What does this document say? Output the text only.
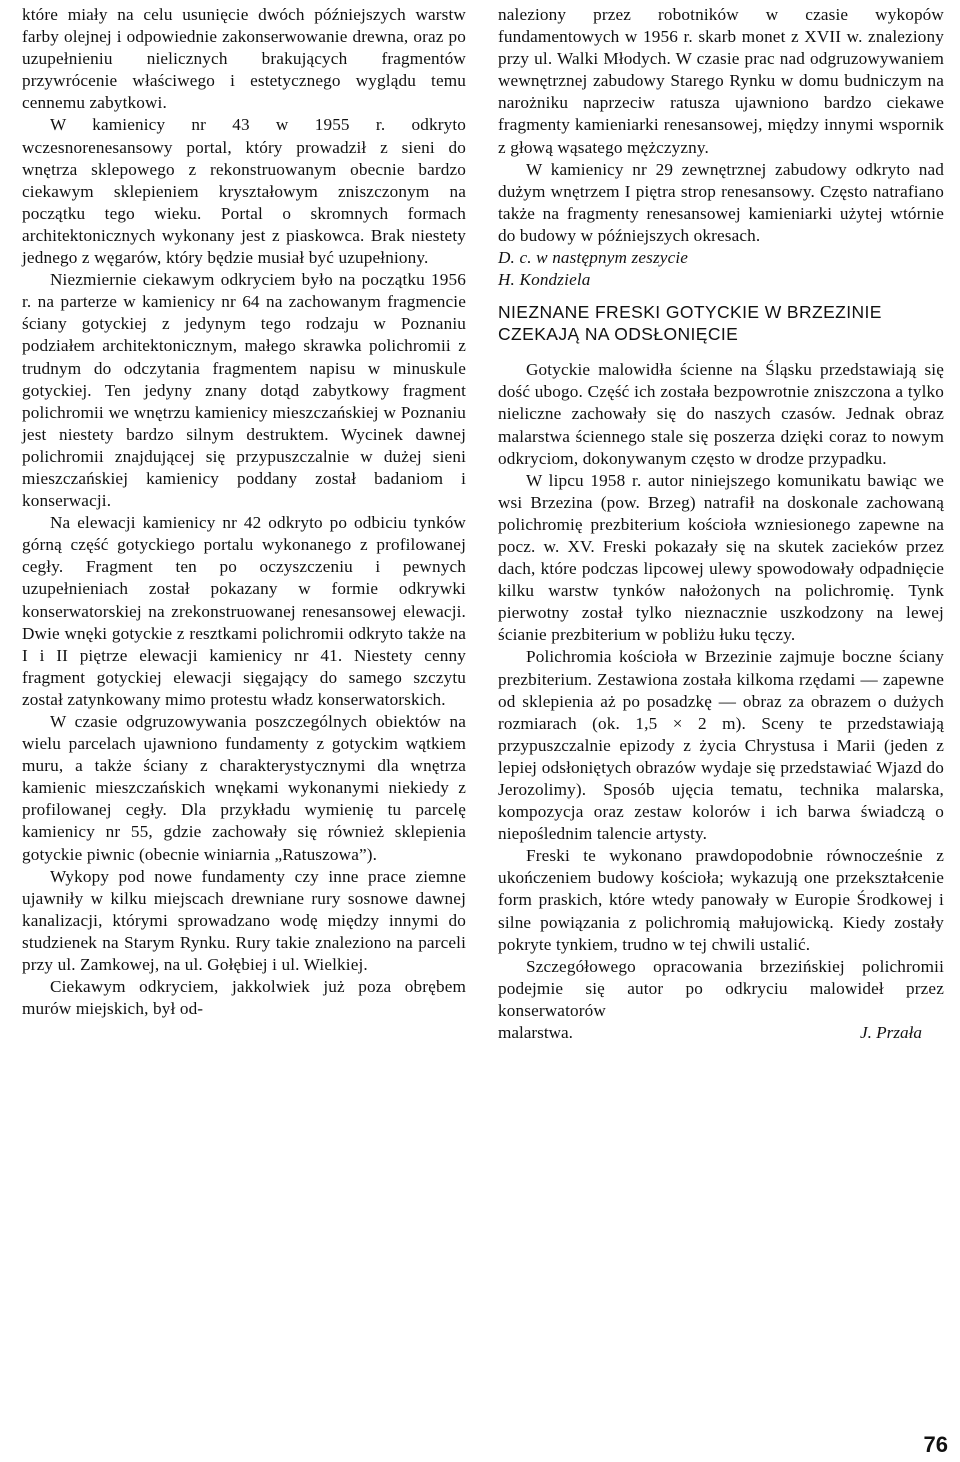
które miały na celu usunięcie dwóch późniejszych warstw farby olejnej i odpowiednie zakonserwowanie drewna, oraz po uzupełnieniu nielicznych brakujących fragmentów przywrócenie właściwego i estetycznego wyglądu temu cennemu zabytkowi.

W kamienicy nr 43 w 1955 r. odkryto wczesnorenesansowy portal, który prowadził z sieni do wnętrza sklepowego z rekonstruowanym obecnie bardzo ciekawym sklepieniem kryształowym zniszczonym na początku tego wieku. Portal o skromnych formach architektonicznych wykonany jest z piaskowca. Brak niestety jednego z węgarów, który będzie musiał być uzupełniony.

Niezmiernie ciekawym odkryciem było na początku 1956 r. na parterze w kamienicy nr 64 na zachowanym fragmencie ściany gotyckiej z jedynym tego rodzaju w Poznaniu podziałem architektonicznym, małego skrawka polichromii z trudnym do odczytania fragmentem napisu w minuskule gotyckiej. Ten jedyny znany dotąd zabytkowy fragment polichromii we wnętrzu kamienicy mieszczańskiej w Poznaniu jest niestety bardzo silnym destruktem. Wycinek dawnej polichromii znajdującej się przypuszczalnie w dużej sieni mieszczańskiej kamienicy poddany został badaniom i konserwacji.

Na elewacji kamienicy nr 42 odkryto po odbiciu tynków górną część gotyckiego portalu wykonanego z profilowanej cegły. Fragment ten po oczyszczeniu i pewnych uzupełnieniach został pokazany w formie odkrywki konserwatorskiej na zrekonstruowanej renesansowej elewacji. Dwie wnęki gotyckie z resztkami polichromii odkryto także na I i II piętrze elewacji kamienicy nr 41. Niestety cenny fragment gotyckiej elewacji sięgający do samego szczytu został zatynkowany mimo protestu władz konserwatorskich.

W czasie odgruzowywania poszczególnych obiektów na wielu parcelach ujawniono fundamenty z gotyckim wątkiem muru, a także ściany z charakterystycznymi dla wnętrza kamienic mieszczańskich wnękami wykonanymi niekiedy z profilowanej cegły. Dla przykładu wymienię tu parcelę kamienicy nr 55, gdzie zachowały się również sklepienia gotyckie piwnic (obecnie winiarnia „Ratuszowa”).

Wykopy pod nowe fundamenty czy inne prace ziemne ujawniły w kilku miejscach drewniane rury sosnowe dawnej kanalizacji, którymi sprowadzano wodę między innymi do studzienek na Starym Rynku. Rury takie znaleziono na parceli przy ul. Zamkowej, na ul. Gołębiej i ul. Wielkiej.

Ciekawym odkryciem, jakkolwiek już poza obrębem murów miejskich, był od-

naleziony przez robotników w czasie wykopów fundamentowych w 1956 r. skarb monet z XVII w. znaleziony przy ul. Walki Młodych. W czasie prac nad odgruzowywaniem wewnętrznej zabudowy Starego Rynku w domu budniczym na narożniku naprzeciw ratusza ujawniono bardzo ciekawe fragmenty kamieniarki renesansowej, między innymi wspornik z głową wąsatego mężczyzny.

W kamienicy nr 29 zewnętrznej zabudowy odkryto nad dużym wnętrzem I piętra strop renesansowy. Często natrafiano także na fragmenty renesansowej kamieniarki użytej wtórnie do budowy w późniejszych okresach.

D. c. w następnym zeszycie

H. Kondziela

NIEZNANE FRESKI GOTYCKIE W BRZEZINIE CZEKAJĄ NA ODSŁONIĘCIE

Gotyckie malowidła ścienne na Śląsku przedstawiają się dość ubogo. Część ich została bezpowrotnie zniszczona a tylko nieliczne zachowały się do naszych czasów. Jednak obraz malarstwa ściennego stale się poszerza dzięki coraz to nowym odkryciom, dokonywanym często w drodze przypadku.

W lipcu 1958 r. autor niniejszego komunikatu bawiąc we wsi Brzezina (pow. Brzeg) natrafił na doskonale zachowaną polichromię prezbiterium kościoła wzniesionego zapewne na pocz. w. XV. Freski pokazały się na skutek zacieków przez dach, które podczas lipcowej ulewy spowodowały odpadnięcie kilku warstw tynków nałożonych na polichromię. Tynk pierwotny został tylko nieznacznie uszkodzony na lewej ścianie prezbiterium w pobliżu łuku tęczy.

Polichromia kościoła w Brzezinie zajmuje boczne ściany prezbiterium. Zestawiona została kilkoma rzędami — zapewne od sklepienia aż po posadzkę — obraz za obrazem o dużych rozmiarach (ok. 1,5 × 2 m). Sceny te przedstawiają przypuszczalnie epizody z życia Chrystusa i Marii (jeden z lepiej odsłoniętych obrazów wydaje się przedstawiać Wjazd do Jerozolimy). Sposób ujęcia tematu, technika malarska, kompozycja oraz zestaw kolorów i ich barwa świadczą o niepoślednim talencie artysty.

Freski te wykonano prawdopodobnie równocześnie z ukończeniem budowy kościoła; wykazują one przekształcenie form praskich, które wtedy panowały w Europie Środkowej i silne powiązania z polichromią małujowicką. Kiedy zostały pokryte tynkiem, trudno w tej chwili ustalić.

Szczegółowego opracowania brzezińskiej polichromii podejmie się autor po odkryciu malowideł przez konserwatorów

malarstwa.	J. Przała
76
